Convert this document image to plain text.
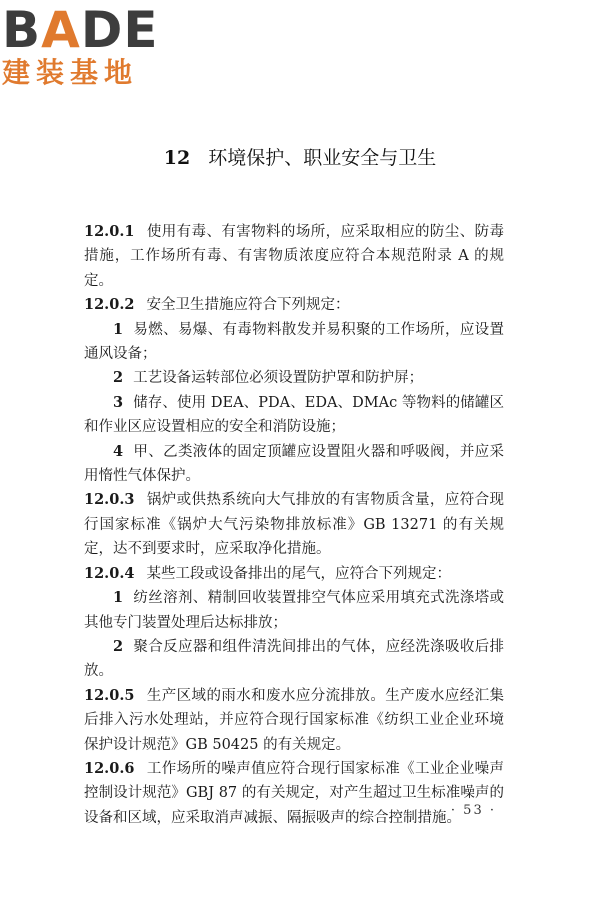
BADE
建装基地
12 环境保护、职业安全与卫生

12.0.1 使用有毒、有害物料的场所，应采取相应的防尘、防毒措施，工作场所有毒、有害物质浓度应符合本规范附录 A 的规定。

12.0.2 安全卫生措施应符合下列规定：

1 易燃、易爆、有毒物料散发并易积聚的工作场所，应设置通风设备；

2 工艺设备运转部位必须设置防护罩和防护屏；

3 储存、使用 DEA、PDA、EDA、DMAc 等物料的储罐区和作业区应设置相应的安全和消防设施；

4 甲、乙类液体的固定顶罐应设置阻火器和呼吸阀，并应采用惰性气体保护。

12.0.3 锅炉或供热系统向大气排放的有害物质含量，应符合现行国家标准《锅炉大气污染物排放标准》GB 13271 的有关规定，达不到要求时，应采取净化措施。

12.0.4 某些工段或设备排出的尾气，应符合下列规定：

1 纺丝溶剂、精制回收装置排空气体应采用填充式洗涤塔或其他专门装置处理后达标排放；

2 聚合反应器和组件清洗间排出的气体，应经洗涤吸收后排放。

12.0.5 生产区域的雨水和废水应分流排放。生产废水应经汇集后排入污水处理站，并应符合现行国家标准《纺织工业企业环境保护设计规范》GB 50425 的有关规定。

12.0.6 工作场所的噪声值应符合现行国家标准《工业企业噪声控制设计规范》GBJ 87 的有关规定，对产生超过卫生标准噪声的设备和区域，应采取消声减振、隔振吸声的综合控制措施。

· 53 ·
